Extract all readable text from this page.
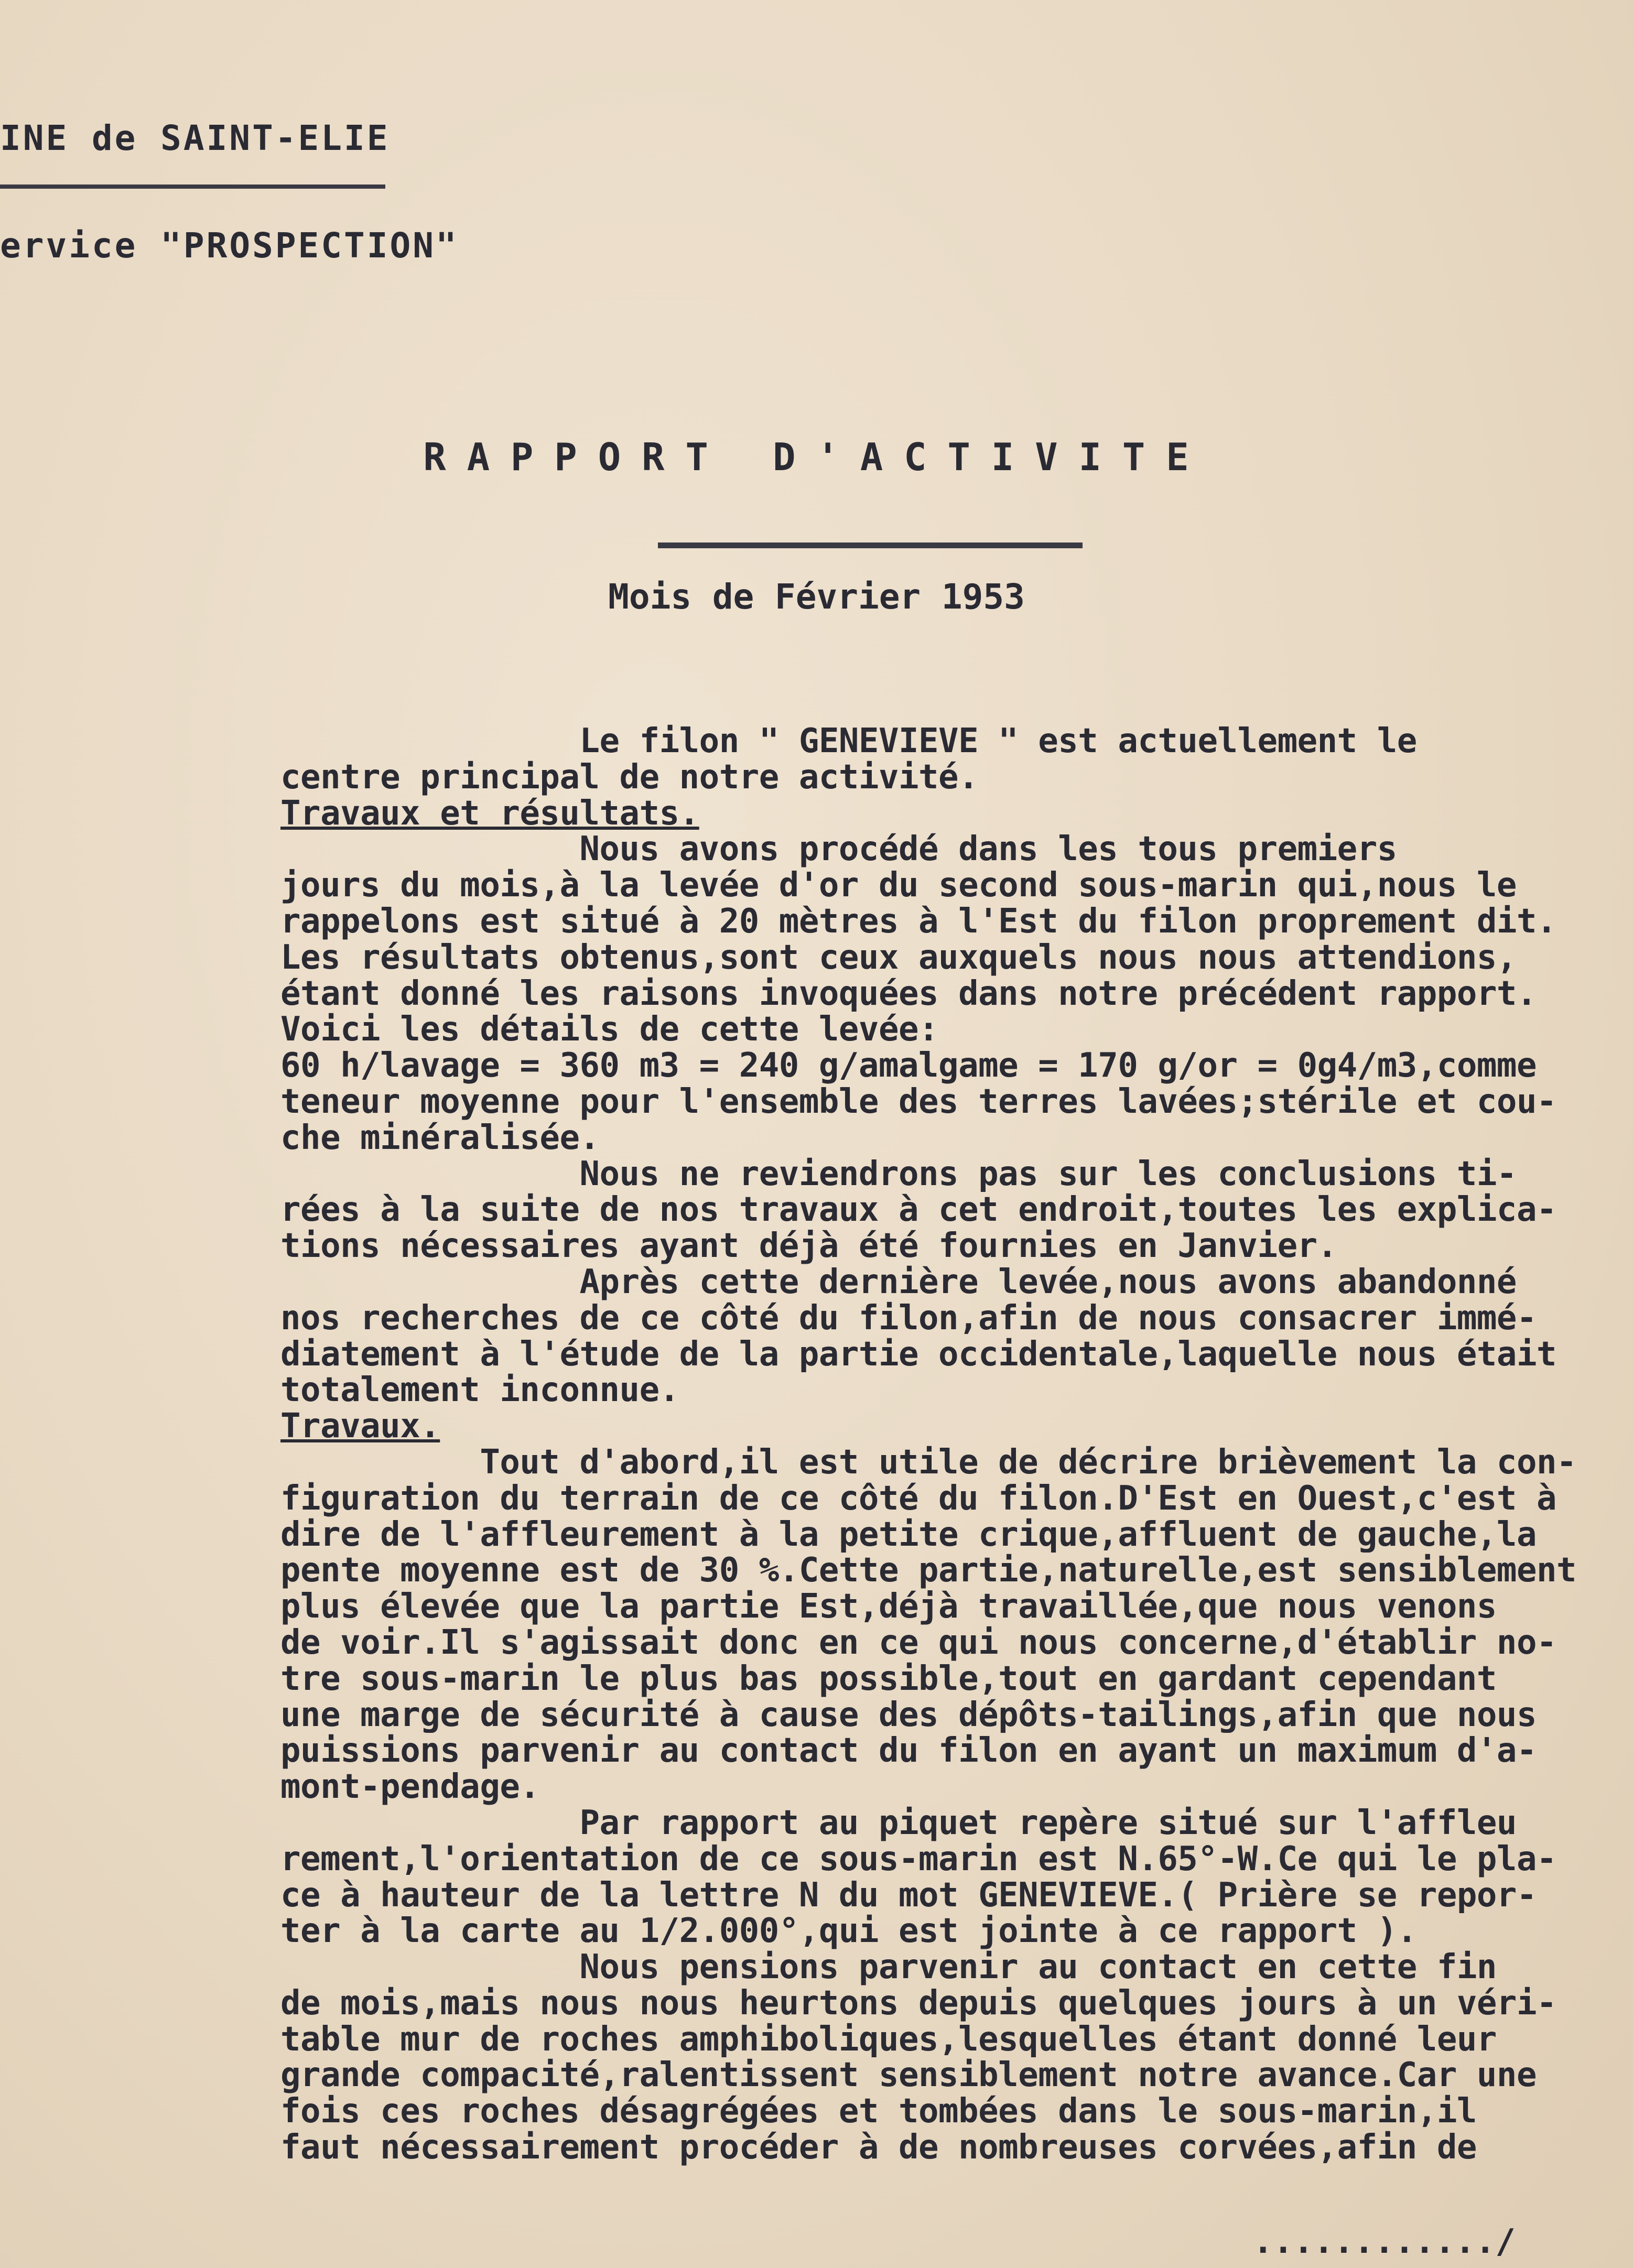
INE de SAINT-ELIE
ervice "PROSPECTION"
RAPPORT D'ACTIVITE
Mois de Février 1953
Le filon " GENEVIEVE " est actuellement le
centre principal de notre activité.
Travaux et résultats.
Nous avons procédé dans les tous premiers
jours du mois,à la levée d'or du second sous-marin qui,nous le
rappelons est situé à 20 mètres à l'Est du filon proprement dit.
Les résultats obtenus,sont ceux auxquels nous nous attendions,
étant donné les raisons invoquées dans notre précédent rapport.
Voici les détails de cette levée:
60 h/lavage = 360 m3 = 240 g/amalgame = 170 g/or = 0g4/m3,comme
teneur moyenne pour l'ensemble des terres lavées;stérile et cou-
che minéralisée.
Nous ne reviendrons pas sur les conclusions ti-
rées à la suite de nos travaux à cet endroit,toutes les explica-
tions nécessaires ayant déjà été fournies en Janvier.
Après cette dernière levée,nous avons abandonné
nos recherches de ce côté du filon,afin de nous consacrer immé-
diatement à l'étude de la partie occidentale,laquelle nous était
totalement inconnue.
Travaux.
Tout d'abord,il est utile de décrire brièvement la con-
figuration du terrain de ce côté du filon.D'Est en Ouest,c'est à
dire de l'affleurement à la petite crique,affluent de gauche,la
pente moyenne est de 30 %.Cette partie,naturelle,est sensiblement
plus élevée que la partie Est,déjà travaillée,que nous venons
de voir.Il s'agissait donc en ce qui nous concerne,d'établir no-
tre sous-marin le plus bas possible,tout en gardant cependant
une marge de sécurité à cause des dépôts-tailings,afin que nous
puissions parvenir au contact du filon en ayant un maximum d'a-
mont-pendage.
Par rapport au piquet repère situé sur l'affleu
rement,l'orientation de ce sous-marin est N.65°-W.Ce qui le pla-
ce à hauteur de la lettre N du mot GENEVIEVE.( Prière se repor-
ter à la carte au 1/2.000°,qui est jointe à ce rapport ).
Nous pensions parvenir au contact en cette fin
de mois,mais nous nous heurtons depuis quelques jours à un véri-
table mur de roches amphiboliques,lesquelles étant donné leur
grande compacité,ralentissent sensiblement notre avance.Car une
fois ces roches désagrégées et tombées dans le sous-marin,il
faut nécessairement procéder à de nombreuses corvées,afin de
............/
